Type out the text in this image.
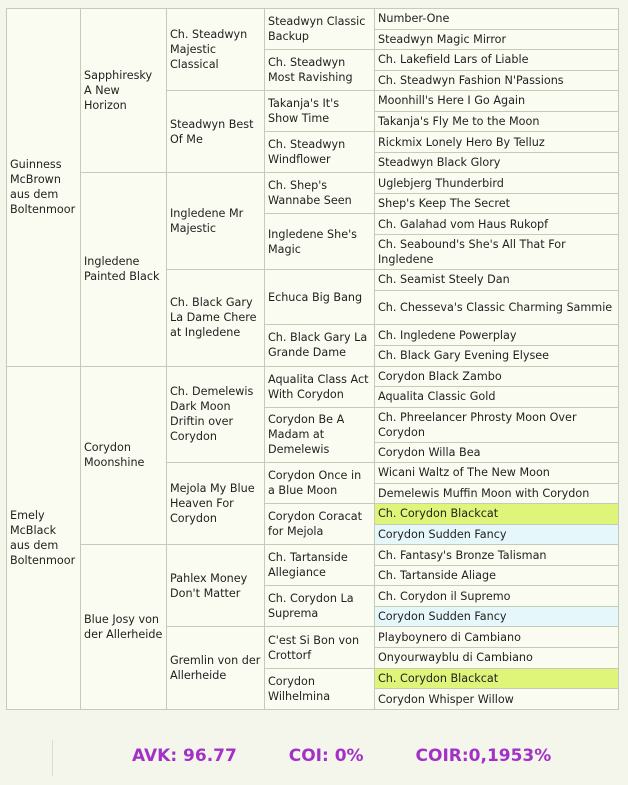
Guinness McBrown aus dem Boltenmoor	Sapphiresky A New Horizon	Ch. Steadwyn Majestic Classical	Steadwyn Classic Backup	Number-One
				Steadwyn Magic Mirror
			Ch. Steadwyn Most Ravishing	Ch. Lakefield Lars of Liable
				Ch. Steadwyn Fashion N'Passions
		Steadwyn Best Of Me	Takanja's It's Show Time	Moonhill's Here I Go Again
				Takanja's Fly Me to the Moon
			Ch. Steadwyn Windflower	Rickmix Lonely Hero By Telluz
				Steadwyn Black Glory
	Ingledene Painted Black	Ingledene Mr Majestic	Ch. Shep's Wannabe Seen	Uglebjerg Thunderbird
				Shep's Keep The Secret
			Ingledene She's Magic	Ch. Galahad vom Haus Rukopf
				Ch. Seabound's She's All That For Ingledene
		Ch. Black Gary La Dame Chere at Ingledene	Echuca Big Bang	Ch. Seamist Steely Dan
				Ch. Chesseva's Classic Charming Sammie
			Ch. Black Gary La Grande Dame	Ch. Ingledene Powerplay
				Ch. Black Gary Evening Elysee
Emely McBlack aus dem Boltenmoor	Corydon Moonshine	Ch. Demelewis Dark Moon Driftin over Corydon	Aqualita Class Act With Corydon	Corydon Black Zambo
				Aqualita Classic Gold
			Corydon Be A Madam at Demelewis	Ch. Phreelancer Phrosty Moon Over Corydon
				Corydon Willa Bea
		Mejola My Blue Heaven For Corydon	Corydon Once in a Blue Moon	Wicani Waltz of The New Moon
				Demelewis Muffin Moon with Corydon
			Corydon Coracat for Mejola	Ch. Corydon Blackcat
				Corydon Sudden Fancy
	Blue Josy von der Allerheide	Pahlex Money Don't Matter	Ch. Tartanside Allegiance	Ch. Fantasy's Bronze Talisman
				Ch. Tartanside Aliage
			Ch. Corydon La Suprema	Ch. Corydon il Supremo
				Corydon Sudden Fancy
		Gremlin von der Allerheide	C'est Si Bon von Crottorf	Playboynero di Cambiano
				Onyourwayblu di Cambiano
			Corydon Wilhelmina	Ch. Corydon Blackcat
				Corydon Whisper Willow
AVK: 96.77	COI: 0%	COIR:0,1953%
